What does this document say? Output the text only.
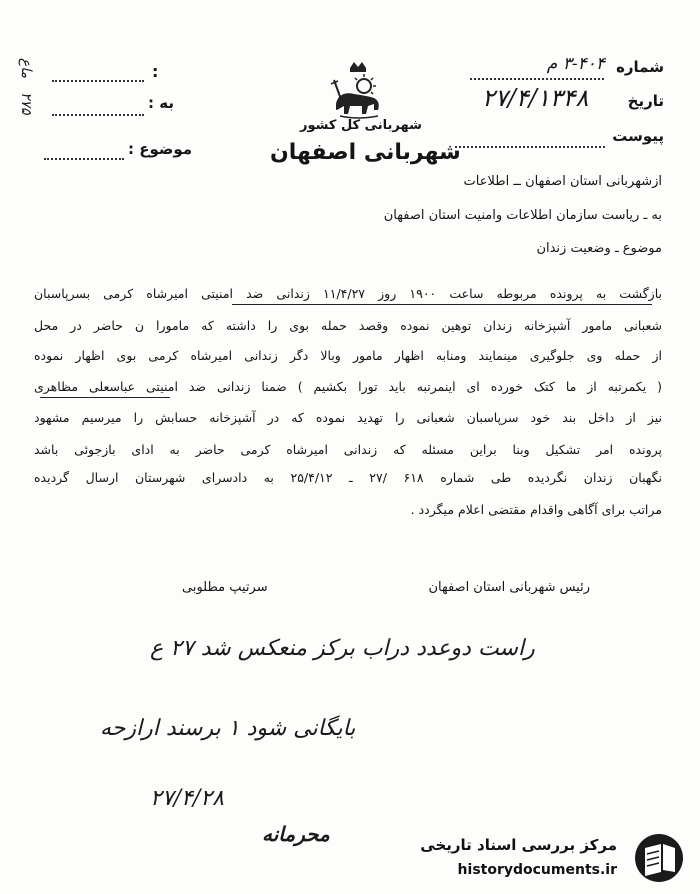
شهربانی کل کشور
شهربانی اصفهان
شماره
۳-۴۰۴ م
تاریخ
۲۷/۴/۱۳۴۸
پیوست
:
به :
موضوع :
ماع
۲۷۵
ازشهربانی استان اصفهان ــ اطلاعات
به ـ ریاست سازمان اطلاعات وامنیت استان اصفهان
موضوع ـ وضعیت زندان
بازگشت به پرونده مربوطه ساعت ۱۹۰۰ روز ۱۱/۴/۲۷ زندانی ضد امنیتی امیرشاه کرمی بسرپاسبان
شعبانی مامور آشپزخانه زندان توهین نموده وقصد حمله بوی را داشته که مامورا ن حاضر در محل
از حمله وی جلوگیری مینمایند ومنابه اظهار مامور وبالا دگر زندانی امیرشاه کرمی بوی اظهار نموده
( یکمرتبه از ما کتک خورده ای اینمرتبه باید تورا بکشیم ) ضمنا زندانی ضد امنیتی عباسعلی مظاهری
نیز از داخل بند خود سرپاسبان شعبانی را تهدید نموده که در آشپزخانه حسابش را میرسیم مشهود
پرونده امر تشکیل وبنا براین مسئله که زندانی امیرشاه کرمی حاضر به ادای بازجوئی باشد
نگهبان زندان نگردیده طی شماره ۶۱۸ /۲۷ ـ ۲۵/۴/۱۲ به دادسرای شهرستان ارسال گردیده
مراتب برای آگاهی واقدام مقتضی اعلام میگردد .
رئیس شهربانی استان اصفهان
سرتیپ مطلوبی
راست دوعدد دراب برکز منعکس شد ۲۷ ع
بایگانی شود ۱ برسند ارازحه
۲۷/۴/۲۸
محرمانه	مرکز بررسی اسناد تاریخی
historydocuments.ir
